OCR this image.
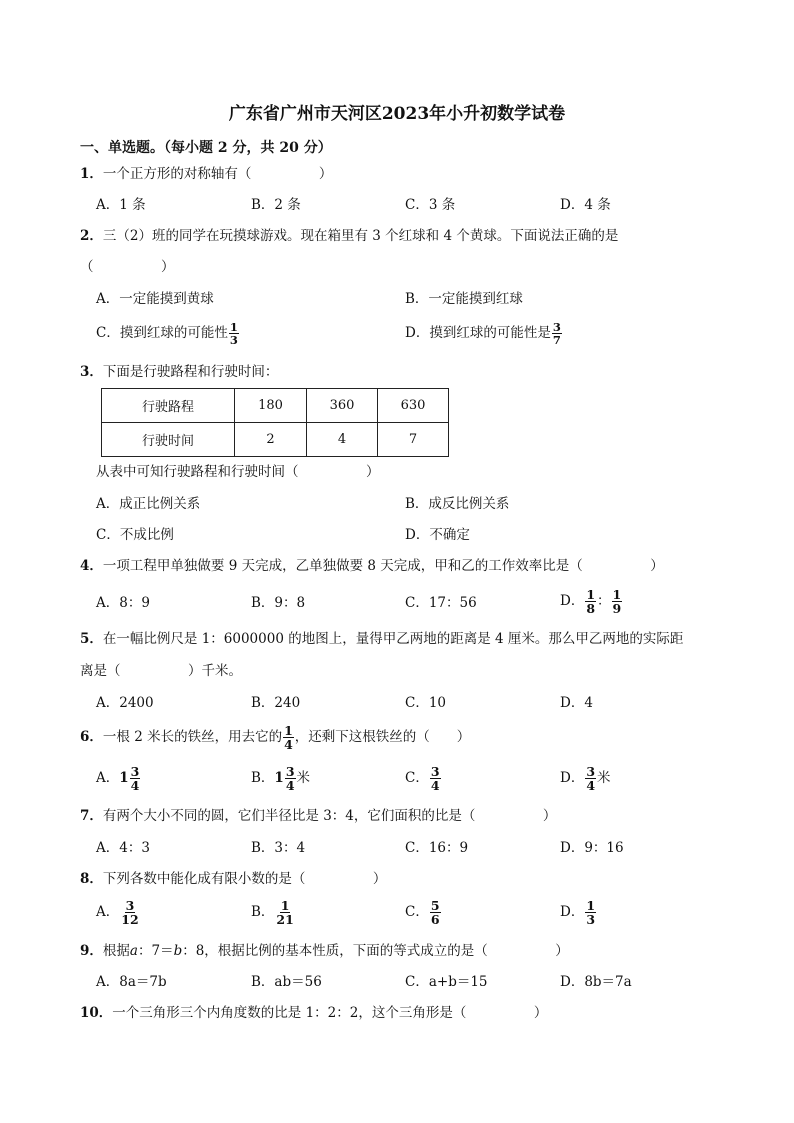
广东省广州市天河区2023年小升初数学试卷
一、单选题。（每小题 2 分，共 20 分）
1．一个正方形的对称轴有（　　　　　）
A．1 条	B．2 条	C．3 条	D．4 条
2．三（2）班的同学在玩摸球游戏。现在箱里有 3 个红球和 4 个黄球。下面说法正确的是
（　　　　　）
A．一定能摸到黄球	B．一定能摸到红球
C．摸到红球的可能性 $\frac{1}{3}$	D．摸到红球的可能性是 $\frac{3}{7}$
3．下面是行驶路程和行驶时间：
行驶路程	180	360	630
行驶时间	2	4	7
从表中可知行驶路程和行驶时间（　　　　　）
A．成正比例关系	B．成反比例关系
C．不成比例	D．不确定
4．一项工程甲单独做要 9 天完成，乙单独做要 8 天完成，甲和乙的工作效率比是（　　　　　）
A．8：9	B．9：8	C．17：56	D． $\frac{1}{8}$ ： $\frac{1}{9}$
5．在一幅比例尺是 1：6000000 的地图上，量得甲乙两地的距离是 4 厘米。那么甲乙两地的实际距
离是（　　　　　）千米。
A．2400	B．240	C．10	D．4
6．一根 2 米长的铁丝，用去它的 $\frac{1}{4}$ ，还剩下这根铁丝的（　　）
A．$1 \frac{3}{4}$	B．$1 \frac{3}{4}$ 米	C． $\frac{3}{4}$	D． $\frac{3}{4}$ 米
7．有两个大小不同的圆，它们半径比是 3：4，它们面积的比是（　　　　　）
A．4：3	B．3：4	C．16：9	D．9：16
8．下列各数中能化成有限小数的是（　　　　　）
A． $\frac{3}{12}$	B． $\frac{1}{21}$	C． $\frac{5}{6}$	D． $\frac{1}{3}$
9．根据a：7＝b：8，根据比例的基本性质，下面的等式成立的是（　　　　　）
A．8a＝7b	B．ab＝56	C．a+b＝15	D．8b＝7a
10．一个三角形三个内角度数的比是 1：2：2，这个三角形是（　　　　　）
